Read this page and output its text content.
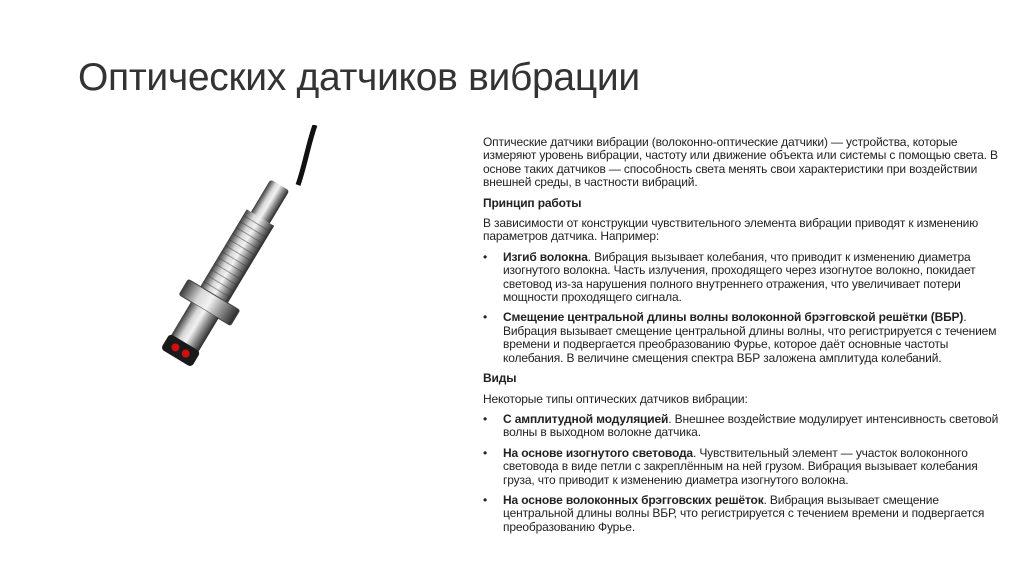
Оптических датчиков вибрации

Оптические датчики вибрации (волоконно-оптические датчики) — устройства, которые измеряют уровень вибрации, частоту или движение объекта или системы с помощью света. В основе таких датчиков — способность света менять свои характеристики при воздействии внешней среды, в частности вибраций.

Принцип работы

В зависимости от конструкции чувствительного элемента вибрации приводят к изменению параметров датчика. Например:

• Изгиб волокна. Вибрация вызывает колебания, что приводит к изменению диаметра изогнутого волокна. Часть излучения, проходящего через изогнутое волокно, покидает световод из-за нарушения полного внутреннего отражения, что увеличивает потери мощности проходящего сигнала.
• Смещение центральной длины волны волоконной брэгговской решётки (ВБР). Вибрация вызывает смещение центральной длины волны, что регистрируется с течением времени и подвергается преобразованию Фурье, которое даёт основные частоты колебания. В величине смещения спектра ВБР заложена амплитуда колебаний.
Виды

Некоторые типы оптических датчиков вибрации:

• С амплитудной модуляцией. Внешнее воздействие модулирует интенсивность световой волны в выходном волокне датчика.
• На основе изогнутого световода. Чувствительный элемент — участок волоконного световода в виде петли с закреплённым на ней грузом. Вибрация вызывает колебания груза, что приводит к изменению диаметра изогнутого волокна.
• На основе волоконных брэгговских решёток. Вибрация вызывает смещение центральной длины волны ВБР, что регистрируется с течением времени и подвергается преобразованию Фурье.
